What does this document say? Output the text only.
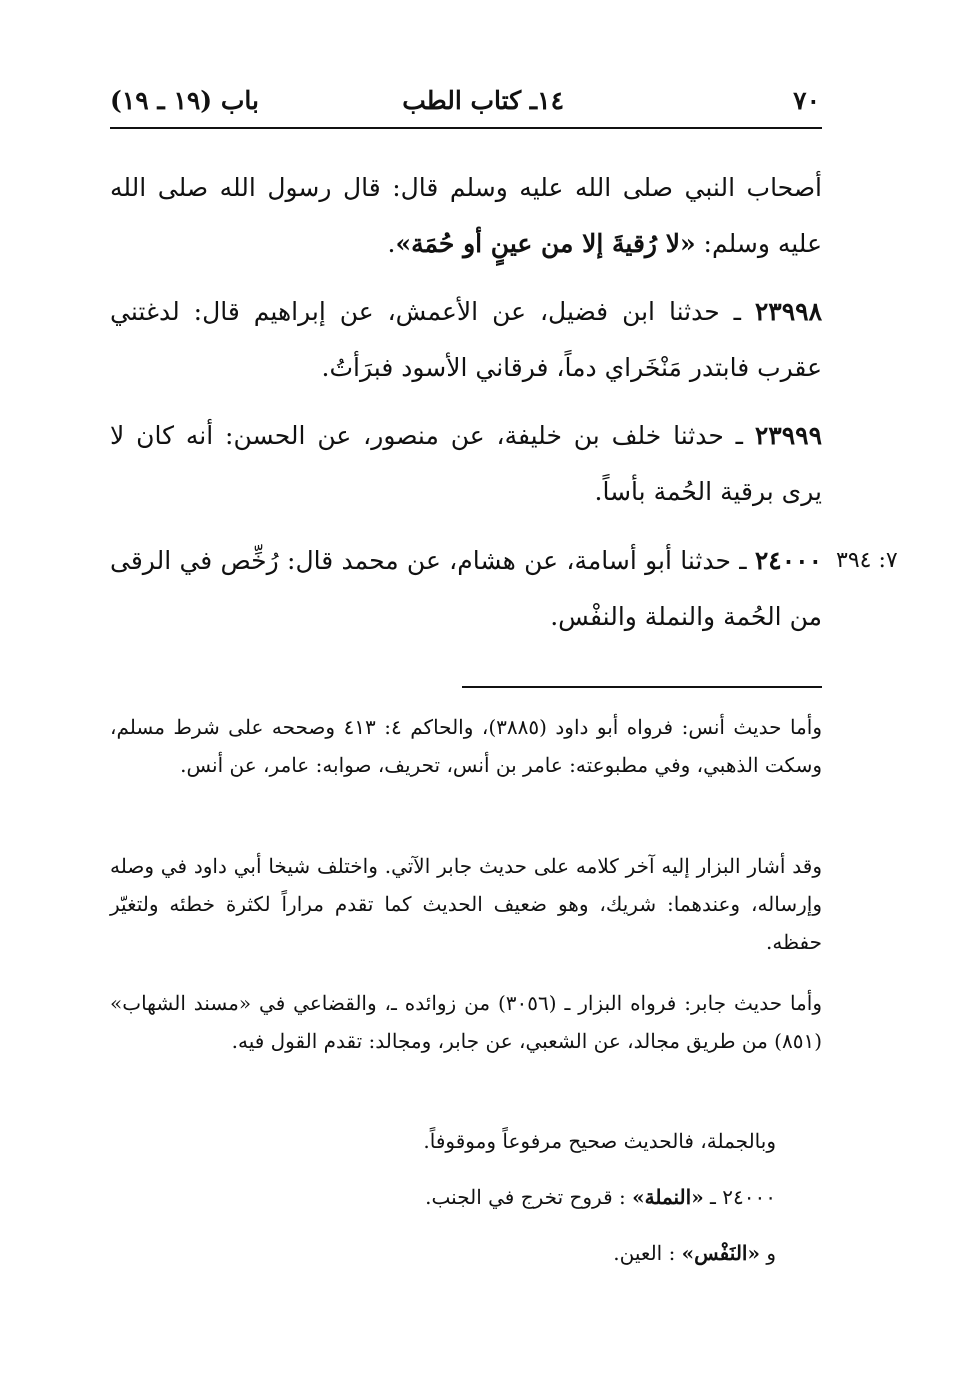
٧٠
١٤ـ كتاب الطب
باب (١٩ ـ ١٩)
أصحاب النبي صلى الله عليه وسلم قال: قال رسول الله صلى الله عليه وسلم: «لا رُقيةَ إلا من عينٍ أو حُمَة».
٢٣٩٩٨ ـ حدثنا ابن فضيل، عن الأعمش، عن إبراهيم قال: لدغتني عقرب فابتدر مَنْخَراي دماً، فرقاني الأسود فبرَأتُ.
٢٣٩٩٩ ـ حدثنا خلف بن خليفة، عن منصور، عن الحسن: أنه كان لا يرى برقية الحُمة بأساً.
٢٤٠٠٠ ـ حدثنا أبو أسامة، عن هشام، عن محمد قال: رُخِّص في الرقى من الحُمة والنملة والنفْس.
٧: ٣٩٤
وأما حديث أنس: فرواه أبو داود (٣٨٨٥)، والحاكم ٤: ٤١٣ وصححه على شرط مسلم، وسكت الذهبي، وفي مطبوعته: عامر بن أنس، تحريف، صوابه: عامر، عن أنس.
وقد أشار البزار إليه آخر كلامه على حديث جابر الآتي. واختلف شيخا أبي داود في وصله وإرساله، وعندهما: شريك، وهو ضعيف الحديث كما تقدم مراراً لكثرة خطئه ولتغيّر حفظه.
وأما حديث جابر: فرواه البزار ـ (٣٠٥٦) من زوائده ـ، والقضاعي في «مسند الشهاب» (٨٥١) من طريق مجالد، عن الشعبي، عن جابر، ومجالد: تقدم القول فيه.
وبالجملة، فالحديث صحيح مرفوعاً وموقوفاً.
٢٤٠٠٠ ـ «النملة» : قروح تخرج في الجنب.
و «النَفْس» : العين.
